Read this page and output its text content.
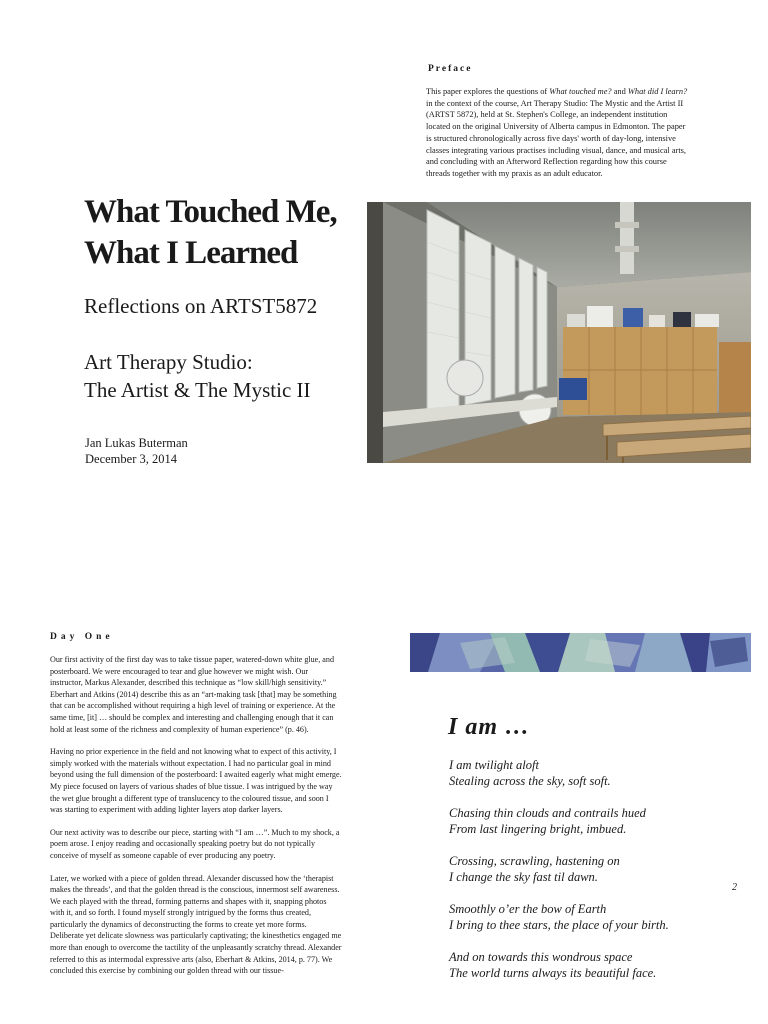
Preface
This paper explores the questions of What touched me? and What did I learn? in the context of the course, Art Therapy Studio: The Mystic and the Artist II (ARTST 5872), held at St. Stephen's College, an independent institution located on the original University of Alberta campus in Edmonton. The paper is structured chronologically across five days' worth of day-long, intensive classes integrating various practises including visual, dance, and musical arts, and concluding with an Afterword Reflection regarding how this course threads together with my praxis as an adult educator.
What Touched Me,
What I Learned
Reflections on ARTST5872
Art Therapy Studio:
The Artist & The Mystic II
Jan Lukas Buterman
December 3, 2014
Day One

Our first activity of the first day was to take tissue paper, watered-down white glue, and posterboard. We were encouraged to tear and glue however we might wish. Our instructor, Markus Alexander, described this technique as “low skill/high sensitivity.” Eberhart and Atkins (2014) describe this as an “art-making task [that] may be something that can be accomplished without requiring a high level of training or experience. At the same time, [it] … should be complex and interesting and challenging enough that it can hold at least some of the richness and complexity of human experience” (p. 46).

Having no prior experience in the field and not knowing what to expect of this activity, I simply worked with the materials without expectation. I had no particular goal in mind beyond using the full dimension of the posterboard: I awaited eagerly what might emerge. My piece focused on layers of various shades of blue tissue. I was intrigued by the way the wet glue brought a different type of translucency to the coloured tissue, and soon I was starting to experiment with adding lighter layers atop darker layers.

Our next activity was to describe our piece, starting with “I am …”. Much to my shock, a poem arose. I enjoy reading and occasionally speaking poetry but do not typically conceive of myself as someone capable of ever producing any poetry.

Later, we worked with a piece of golden thread. Alexander discussed how the ‘therapist makes the threads’, and that the golden thread is the conscious, innermost self awareness. We each played with the thread, forming patterns and shapes with it, snapping photos with it, and so forth. I found myself strongly intrigued by the forms thus created, particularly the dynamics of deconstructing the forms to create yet more forms. Deliberate yet delicate slowness was particularly captivating; the kinesthetics engaged me more than enough to overcome the tactility of the unpleasantly scratchy thread. Alexander referred to this as intermodal expressive arts (also, Eberhart & Atkins, 2014, p. 77). We concluded this exercise by combining our golden thread with our tissue-

I am …
I am twilight aloft
Stealing across the sky, soft soft.
Chasing thin clouds and contrails hued
From last lingering bright, imbued.
Crossing, scrawling, hastening on
I change the sky fast til dawn.
Smoothly o’er the bow of Earth
I bring to thee stars, the place of your birth.
And on towards this wondrous space
The world turns always its beautiful face.
2
